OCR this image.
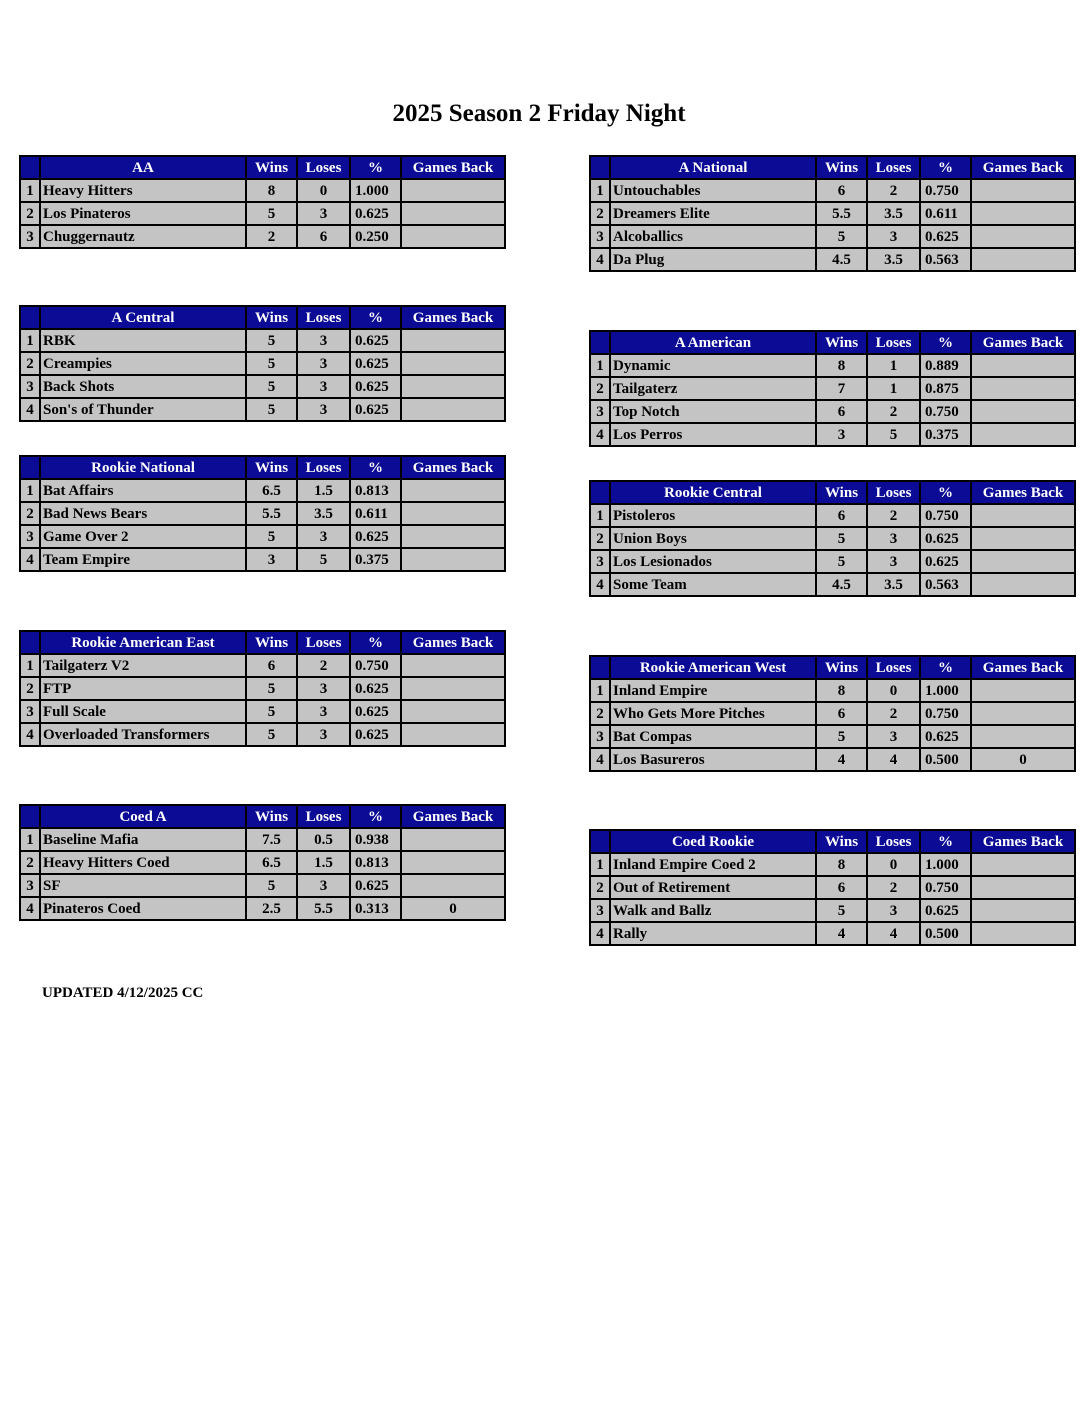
2025 Season 2 Friday Night
	AA	Wins	Loses	%	Games Back
1	Heavy Hitters	8	0	1.000	
2	Los Pinateros	5	3	0.625	
3	Chuggernautz	2	6	0.250	
	A National	Wins	Loses	%	Games Back
1	Untouchables	6	2	0.750	
2	Dreamers Elite	5.5	3.5	0.611	
3	Alcoballics	5	3	0.625	
4	Da Plug	4.5	3.5	0.563	
	A Central	Wins	Loses	%	Games Back
1	RBK	5	3	0.625	
2	Creampies	5	3	0.625	
3	Back Shots	5	3	0.625	
4	Son's of Thunder	5	3	0.625	
	A American	Wins	Loses	%	Games Back
1	Dynamic	8	1	0.889	
2	Tailgaterz	7	1	0.875	
3	Top Notch	6	2	0.750	
4	Los Perros	3	5	0.375	
	Rookie National	Wins	Loses	%	Games Back
1	Bat Affairs	6.5	1.5	0.813	
2	Bad News Bears	5.5	3.5	0.611	
3	Game Over 2	5	3	0.625	
4	Team Empire	3	5	0.375	
	Rookie Central	Wins	Loses	%	Games Back
1	Pistoleros	6	2	0.750	
2	Union Boys	5	3	0.625	
3	Los Lesionados	5	3	0.625	
4	Some Team	4.5	3.5	0.563	
	Rookie American East	Wins	Loses	%	Games Back
1	Tailgaterz V2	6	2	0.750	
2	FTP	5	3	0.625	
3	Full Scale	5	3	0.625	
4	Overloaded Transformers	5	3	0.625	
	Rookie American West	Wins	Loses	%	Games Back
1	Inland Empire	8	0	1.000	
2	Who Gets More Pitches	6	2	0.750	
3	Bat Compas	5	3	0.625	
4	Los Basureros	4	4	0.500	0
	Coed A	Wins	Loses	%	Games Back
1	Baseline Mafia	7.5	0.5	0.938	
2	Heavy Hitters Coed	6.5	1.5	0.813	
3	SF	5	3	0.625	
4	Pinateros Coed	2.5	5.5	0.313	0
	Coed Rookie	Wins	Loses	%	Games Back
1	Inland Empire Coed 2	8	0	1.000	
2	Out of Retirement	6	2	0.750	
3	Walk and Ballz	5	3	0.625	
4	Rally	4	4	0.500	
UPDATED 4/12/2025 CC
